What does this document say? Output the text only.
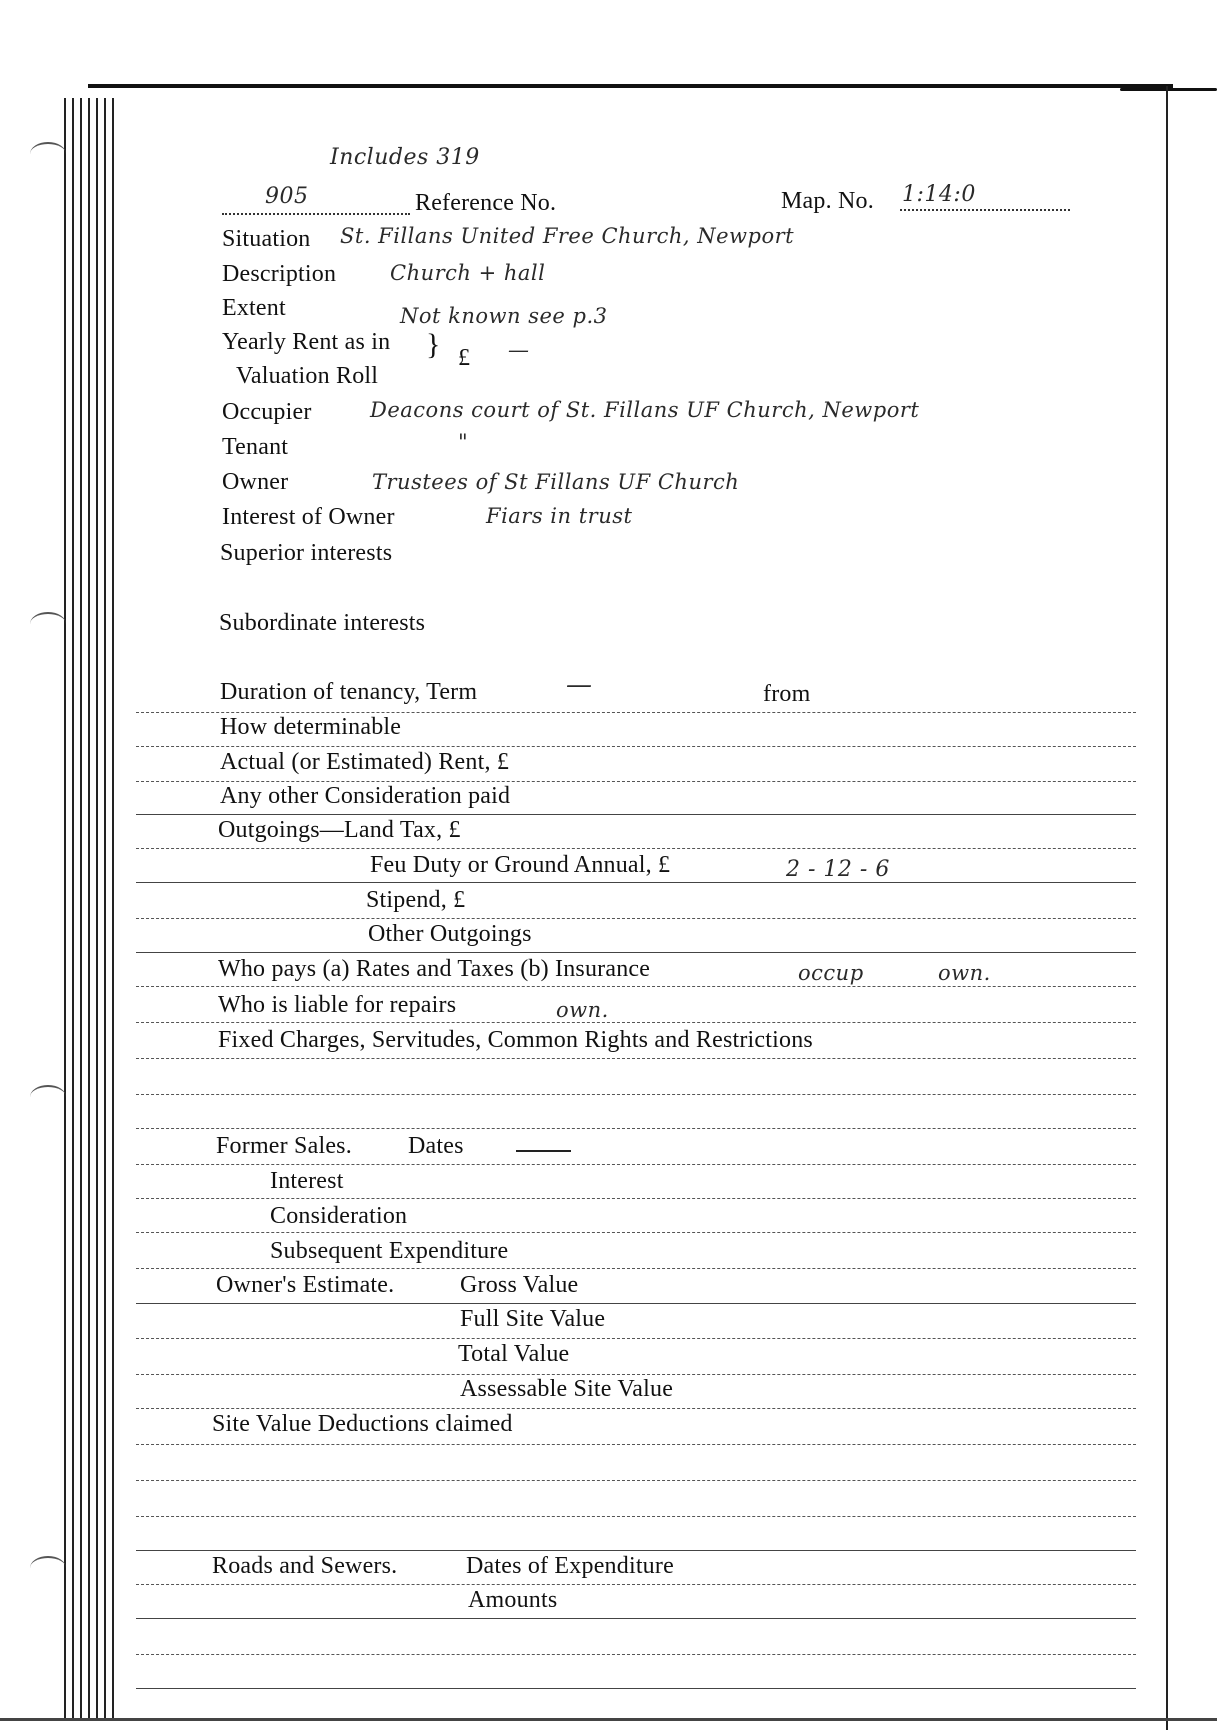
Includes 319
905	Reference No.	Map. No. 1:14:0
Situation St. Fillans United Free Church, Newport
Description	Church + hall
Extent	Not known see p.3
Yearly Rent as in
Valuation Roll
} £ —
Occupier	Deacons court of St. Fillans UF Church, Newport
Tenant	"
Owner	Trustees of St Fillans UF Church
Interest of Owner	Fiars in trust
Superior interests
Subordinate interests
Duration of tenancy, Term	—	from
How determinable
Actual (or Estimated) Rent, £
Any other Consideration paid
Outgoings—Land Tax, £
Feu Duty or Ground Annual, £	2 - 12 - 6
Stipend, £
Other Outgoings
Who pays (a) Rates and Taxes (b) Insurance	occup	own.
Who is liable for repairs	own.
Fixed Charges, Servitudes, Common Rights and Restrictions
Former Sales. Dates
Interest
Consideration
Subsequent Expenditure
Owner's Estimate.	Gross Value
Full Site Value
Total Value
Assessable Site Value
Site Value Deductions claimed
Roads and Sewers.	Dates of Expenditure
Amounts
